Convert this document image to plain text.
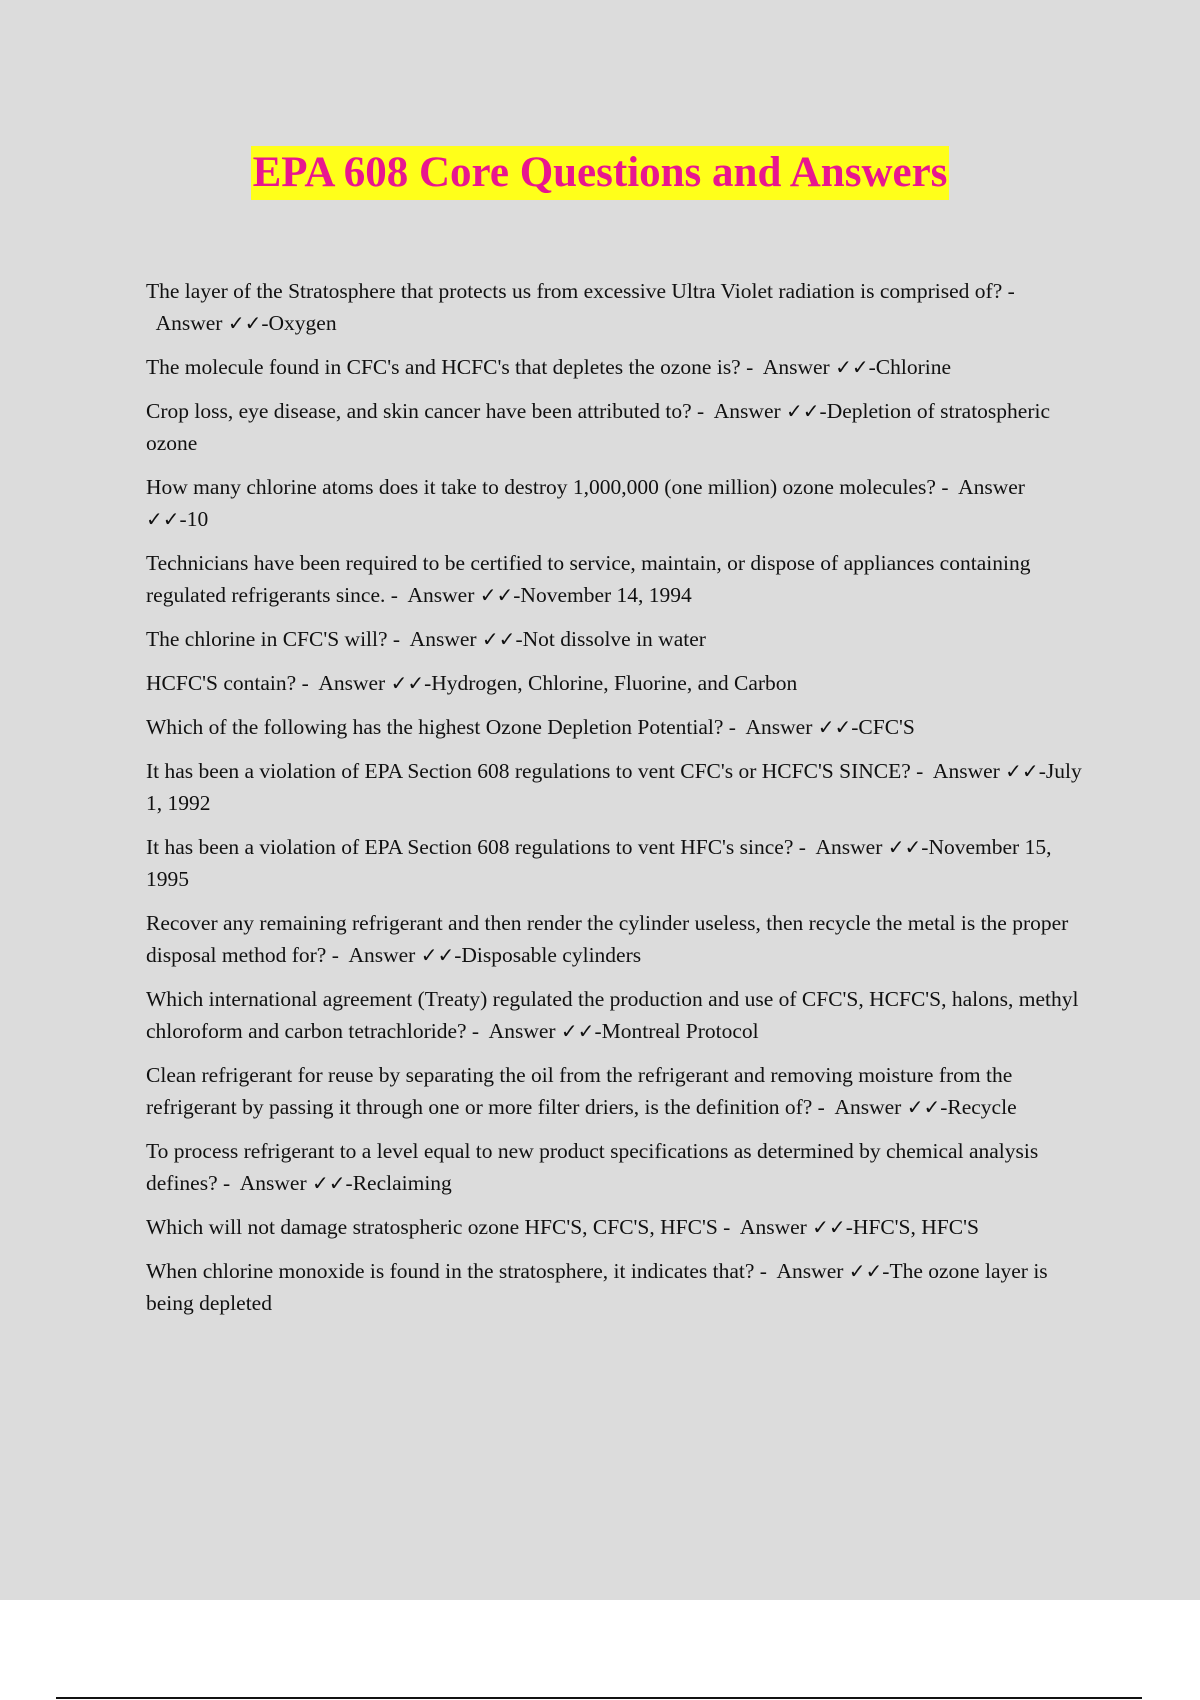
EPA 608 Core Questions and Answers
The layer of the Stratosphere that protects us from excessive Ultra Violet radiation is comprised of? -  Answer ✓✓-Oxygen
The molecule found in CFC's and HCFC's that depletes the ozone is? - Answer ✓✓-Chlorine
Crop loss, eye disease, and skin cancer have been attributed to? - Answer ✓✓-Depletion of stratospheric ozone
How many chlorine atoms does it take to destroy 1,000,000 (one million) ozone molecules? - Answer ✓✓-10
Technicians have been required to be certified to service, maintain, or dispose of appliances containing regulated refrigerants since. - Answer ✓✓-November 14, 1994
The chlorine in CFC'S will? - Answer ✓✓-Not dissolve in water
HCFC'S contain? - Answer ✓✓-Hydrogen, Chlorine, Fluorine, and Carbon
Which of the following has the highest Ozone Depletion Potential? - Answer ✓✓-CFC'S
It has been a violation of EPA Section 608 regulations to vent CFC's or HCFC'S SINCE? - Answer ✓✓-July 1, 1992
It has been a violation of EPA Section 608 regulations to vent HFC's since? - Answer ✓✓-November 15, 1995
Recover any remaining refrigerant and then render the cylinder useless, then recycle the metal is the proper disposal method for? - Answer ✓✓-Disposable cylinders
Which international agreement (Treaty) regulated the production and use of CFC'S, HCFC'S, halons, methyl chloroform and carbon tetrachloride? - Answer ✓✓-Montreal Protocol
Clean refrigerant for reuse by separating the oil from the refrigerant and removing moisture from the refrigerant by passing it through one or more filter driers, is the definition of? - Answer ✓✓-Recycle
To process refrigerant to a level equal to new product specifications as determined by chemical analysis defines? - Answer ✓✓-Reclaiming
Which will not damage stratospheric ozone HFC'S, CFC'S, HFC'S - Answer ✓✓-HFC'S, HFC'S
When chlorine monoxide is found in the stratosphere, it indicates that? - Answer ✓✓-The ozone layer is being depleted
